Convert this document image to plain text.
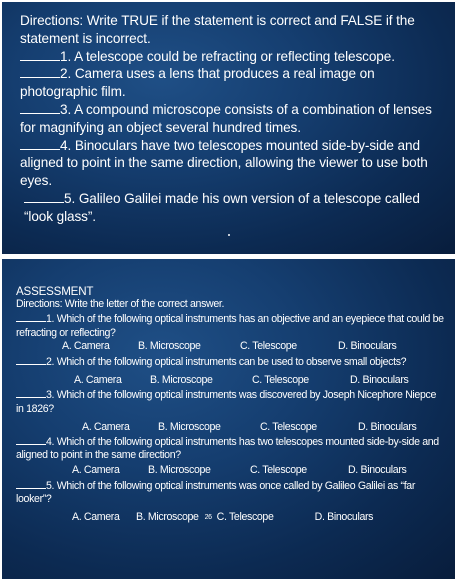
Directions: Write TRUE if the statement is correct and FALSE if the statement is incorrect.

1. A telescope could be refracting or reflecting telescope.

2. Camera uses a lens that produces a real image on photographic film.

3. A compound microscope consists of a combination of lenses for magnifying an object several hundred times.

4. Binoculars have two telescopes mounted side-by-side and aligned to point in the same direction, allowing the viewer to use both eyes.

5. Galileo Galilei made his own version of a telescope called “look glass”.

ASSESSMENT

Directions: Write the letter of the correct answer.

1. Which of the following optical instruments has an objective and an eyepiece that could be refracting or reflecting?

A. Camera	B. Microscope	C. Telescope	D. Binoculars

2. Which of the following optical instruments can be used to observe small objects?

A. Camera	B. Microscope	C. Telescope	D. Binoculars

3. Which of the following optical instruments was discovered by Joseph Nicephore Niepce in 1826?

A. Camera	B. Microscope	C. Telescope	D. Binoculars

4. Which of the following optical instruments has two telescopes mounted side-by-side and aligned to point in the same direction?

A. Camera	B. Microscope	C. Telescope	D. Binoculars

5. Which of the following optical instruments was once called by Galileo Galilei as “far looker”?

A. Camera	B. Microscope 26 C. Telescope	D. Binoculars
